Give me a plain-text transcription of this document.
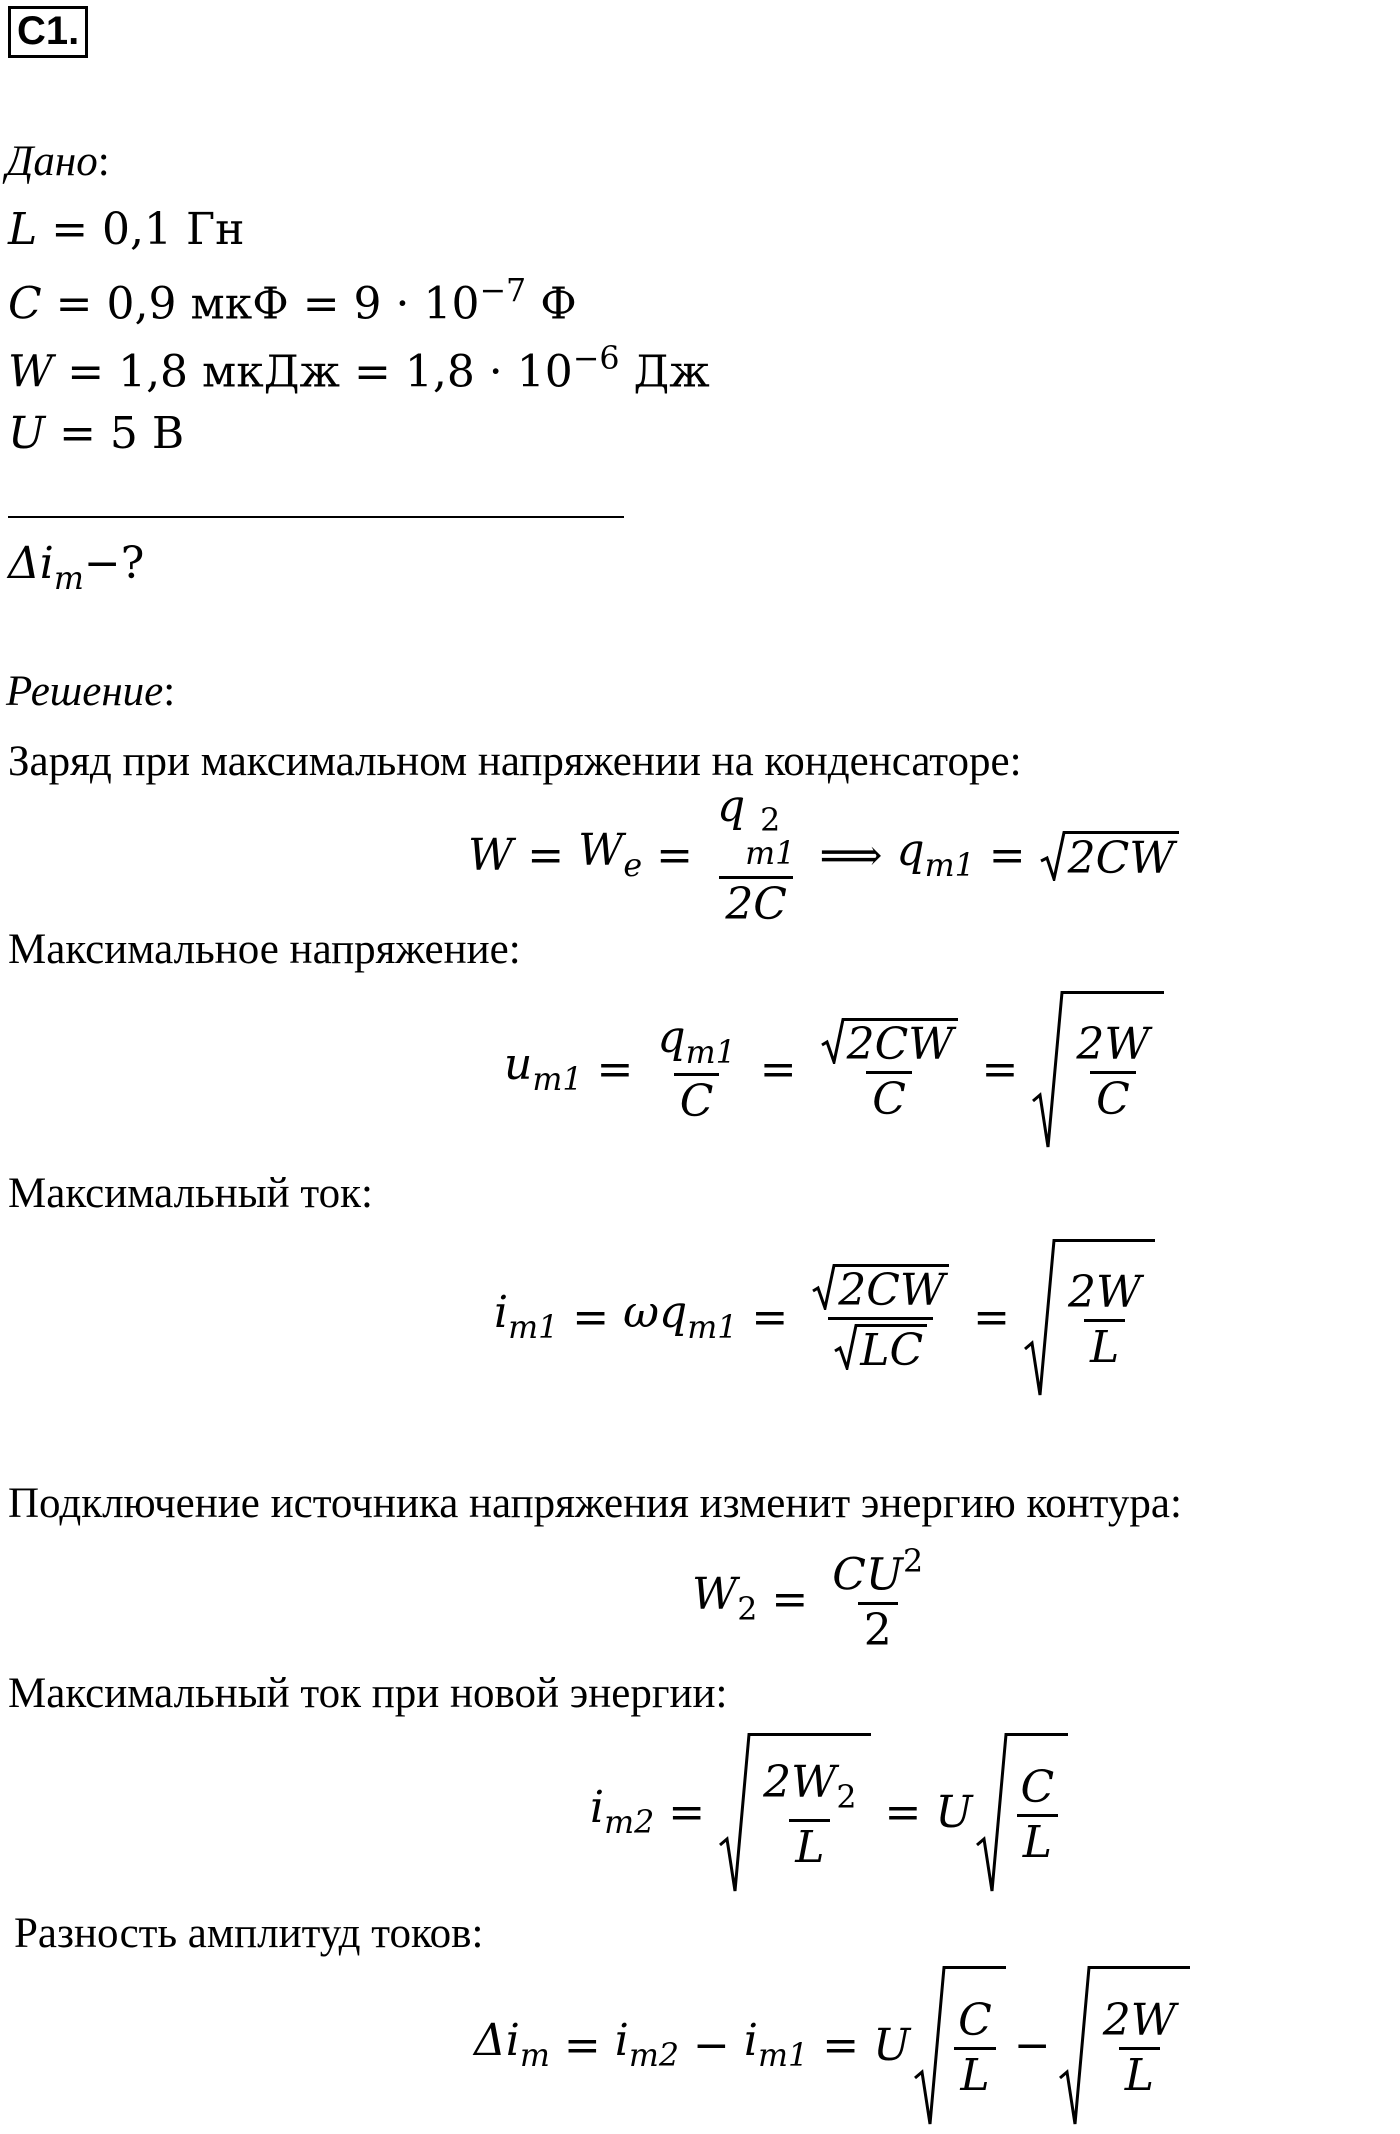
C1.
Дано:
L = 0,1 Гн
C = 0,9 мкФ = $9 \cdot 10^{-7}$ Ф
W = 1,8 мкДж = $1,8 \cdot 10^{-6}$ Дж
U = 5 В
$\Delta i_m-$?
Решение:
Заряд при максимальном напряжении на конденсаторе:
$W = W_e = q$ 2
m1
2C ⟹ $q_{m1} = 2CW$
Максимальное напряжение:
$u_{m1} = \frac{q_{m1}}{C} = \frac{2CW}{C} = \frac{2W}{C}$
Максимальный ток:
$i_{m1} = \omega q_{m1} = \frac{2CW}{LC} = \frac{2W}{L}$
Подключение источника напряжения изменит энергию контура:
$W_2 = \frac{CU^2}{2}$
Максимальный ток при новой энергии:
$i_{m2} = \frac{2W_2}{L} = U \frac{C}{L}$
Разность амплитуд токов:
$\Delta i_m = i_{m2} - i_{m1} = U \frac{C}{L} - \frac{2W}{L}$
